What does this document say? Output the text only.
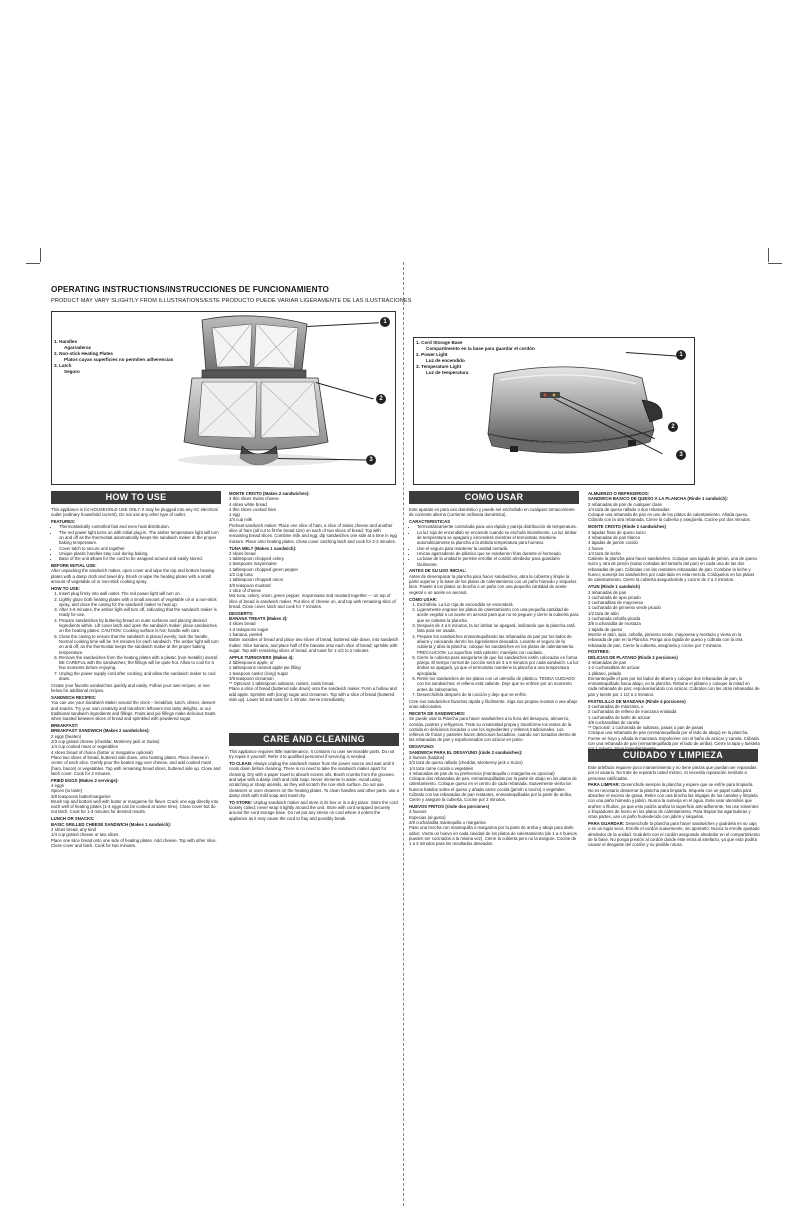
OPERATING INSTRUCTIONS/INSTRUCCIONES DE FUNCIONAMIENTO
PRODUCT MAY VARY SLIGHTLY FROM ILLUSTRATIONS/ESTE PRODUCTO PUEDE VARIAR LIGERAMENTE DE LAS ILUSTRACIONES
1. Handles
Agarraderas
2. Non-stick Heating Plates
Platos cuyas superficies no permiten adherencias
3. Latch
Seguro
1
2
3
1. Cord Storage Base
Compartimento en la base para guardar el cordón
2. Power Light
Luz de encendido
3. Temperature Light
Luz de temperatura
1
2
3
HOW TO USE
CARE AND CLEANING
COMO USAR
CUIDADO Y LIMPIEZA

This appliance is for HOUSEHOLD USE ONLY. It may be plugged into any AC electrical outlet (ordinary household current). Do not use any other type of outlet.

FEATURES:

• Thermostatically controlled fast and even heat distribution.
• The red power light turns on with initial plug-in. The amber temperature light will turn on and off as the thermostat automatically keeps the sandwich maker at the proper baking temperature.
• Cover latch to secure unit together.
• Unique plastic handles stay cool during baking.
• Base of the unit allows for the cord to be wrapped around and easily stored.

BEFORE INITIAL USE:

After unpacking the sandwich maker, open cover and wipe the top and bottom heating plates with a damp cloth and towel dry. Brush or wipe the heating plates with a small amount of vegetable oil or non-stick cooking spray.

HOW TO USE:

1. Insert plug firmly into wall outlet. The red power light will turn on.
2. Lightly glaze both heating plates with a small amount of vegetable oil or a non-stick spray, and close the casing for the sandwich maker to heat up.
3. After 4-6 minutes, the amber light will turn off, indicating that the sandwich maker is ready for use.
4. Prepare sandwiches by buttering bread on outer surfaces and placing desired ingredients within. Lift cover latch and open the sandwich maker, place sandwiches on the heating plates. CAUTION: Cooking surface is hot; handle with care.
5. Close the casing to ensure that the sandwich is placed evenly; lock the handle. Normal cooking time will be 3-6 minutes for each sandwich. The amber light will turn on and off, as the thermostat keeps the sandwich maker at the proper baking temperature.
6. Remove the sandwiches from the heating plates with a plastic (non-metallic) utensil. BE CAREFUL with the sandwiches; the fillings will be quite hot. Allow to cool for a few moments before enjoying.
7. Unplug the power supply cord after cooking, and allow the sandwich maker to cool down.

Create your favorite sandwiches quickly and easily. Follow your own recipes, or see below for additional recipes.

SANDWICH RECIPES:

You can use your Sandwich Maker around the clock – breakfast, lunch, dinner, dessert and snacks. Try your own creativity and transform leftovers into tasty delights, or our traditional sandwich ingredients and fillings. Fruits and pie fillings make delicious treats when toasted between slices of bread and sprinkled with powdered sugar.

BREAKFAST:

BREAKFAST SANDWICH (Makes 2 sandwiches):

2 eggs (beaten)

2/3 cup grated cheese (cheddar, Monterey jack or Swiss)

1/4 cup cooked meat or vegetables

4 slices bread of choice (butter or margarine optional)

Place two slices of bread, buttered side down, onto heating plates. Place cheese in center of each slice. Gently pour the beaten egg over cheese, and add cooked meat (ham, bacon) or vegetables. Top with remaining bread slices, buttered side up. Close and latch cover. Cook for 2 minutes.

FRIED EGGS (Makes 2 servings):

4 eggs

Spices (to taste)

3/8 teaspoons butter/margarine

Brush top and bottom well with butter or margarine for flavor. Crack one egg directly into each well of heating plates (1-4 eggs can be cooked at same time). Close cover but do not latch. Cook for 1-3 minutes for desired results.

LUNCH OR SNACKS:

BASIC GRILLED CHEESE SANDWICH (Makes 1 sandwich):

2 slices bread, any kind

1/4 cup grated cheese or two slices

Place one slice bread onto one side of heating plates. Add cheese. Top with other slice. Close cover and latch. Cook for two minutes.

MONTE CRISTO (Makes 2 sandwiches):

2 thin slices Swiss cheese

4 slices white bread

4 thin slices cooked ham

1 egg

1/4 cup milk

Preheat sandwich maker. Place one slice of ham, a slice of Swiss cheese and another slice of ham (all cut to fit the bread size) on each of two slices of bread. Top with remaining bread slices. Combine milk and egg; dip sandwiches one side at a time in egg mixture. Place onto heating plates. Close cover catching latch and cook for 2-3 minutes.

TUNA MELT (Makes 1 sandwich):

2 slices bread

1 tablespoon chopped celery

2 teaspoons mayonnaise

1 tablespoon chopped green pepper

1/2 cup tuna

1 tablespoon chopped onion

3/8 teaspoon mustard

1 slice of cheese

Mix tuna, celery, onion, green pepper, mayonnaise and mustard together — on top of slice of bread in sandwich maker. Put slice of cheese on, and top with remaining slice of bread. Close cover, latch and cook for 7 minutes.

DESSERTS:

BANANA TREATS (Makes 2):

4 slices bread

1-2 teaspoons sugar

1 banana, peeled

Butter outsides of bread and place two slices of bread, buttered side down, into sandwich maker. Slice banana, and place half of the banana onto each slice of bread; sprinkle with sugar. Top with remaining slices of bread, and toast for 1-1/2 to 2 minutes.

APPLE TURNOVERS (Makes 4):

2 tablespoons apple, or

2 tablespoons canned apple pie filling

1 teaspoon castor (icing) sugar

3/8 teaspoon cinnamon

** Optional: 1 tablespoon sultanas, raisins, raisin bread.

Place a slice of bread (buttered side down) onto the sandwich maker. Form a hollow and add apple. Sprinkle with (icing) sugar and cinnamon. Top with a slice of bread (buttered side up). Lower lid and toast for 1 minute. Serve immediately.

This appliance requires little maintenance. It contains no user serviceable parts. Do not try repair it yourself. Refer it to qualified personnel if servicing is needed.

TO CLEAN: Always unplug the sandwich maker from the power source and wait until it cools down before cleaning. There is no need to take the sandwich maker apart for cleaning. Dry with a paper towel to absorb excess oils. Brush crumbs from the grooves, and wipe with a damp cloth and mild soap. Never immerse in water. Avoid using scratching or sharp utensils, as they will scratch the non-stick surface. Do not use cleansers or oven cleaners on the heating plates. To clean handles and other parts, use a damp cloth with mild soap and towel dry.

TO STORE: Unplug sandwich maker and store in its box or in a dry place. Store the cord loosely coiled; never wrap it tightly around the unit. Store with cord wrapped securely around the cord storage base. Do not put any stress on cord where it enters the appliance as it may cause the cord to fray and possibly break.

Este aparato es para uso doméstico y puede ser enchufado en cualquier tomacorriente de corriente alterna (corriente ordinaria doméstica).

CARACTERISTICAS

• Termostáticamente controlada para una rápida y pareja distribución de temperatura.
• La luz roja de encendido se enciende cuando se enchufa inicialmente. La luz ámbar de temperatura se apagará y encenderá mientras el termostato mantiene automáticamente la plancha a la debida temperatura para hornear.
• Use el seguro para mantener la unidad cerrada.
• Unicas agarraderas de plástico que se mantienen frías durante el horneado.
• La base de la unidad le permite enrollar el cordón alrededor para guardarlo fácilmente.

ANTES DE SU USO INICIAL:

Antes de desempacar la plancha para hacer sandwiches, abra la cubierta y limpie la parte superior y la base de los platos de calentamiento con un paño húmedo y séquelos bien. Pasele a los platos un brocha o un paño con una pequeña cantidad de aceite vegetal o un aceite en aerosol.

COMO USAR:

1. Enchúfela. La luz roja de encendido se encenderá.
2. Ligeramente engrase los platos de calentamiento con una pequeña cantidad de aceite vegetal o un aceite en aerosol para que no se peguen y cierre la cubierta para que se caliente la plancha.
3. Después de 4 a 6 minutos, la luz ámbar se apagará, indicando que la plancha está lista para ser usada.
4. Prepare los sandwiches enmantequillando las rebanadas de pan por los lados de afuera y colocando dentro los ingredientes deseados. Levante el seguro de la cubierta y abra la plancha; coloque los sandwiches en los platos de calentamiento. PRECAUCION: La superficie está caliente; manéjela con cuidado.
5. Cierre la cubierta para asegurarse de que los sandwiches estén colocados en forma pareja. El tiempo normal de cocción será de 3 a 6 minutos por cada sandwich. La luz ámbar se apagará, ya que el termostato mantiene la plancha a una temperatura apropiada.
6. Retire los sandwiches de los platos con un utensilio de plástico. TENGA CUIDADO con los sandwiches; el relleno está caliente. Deje que se enfríen por un momento antes de saborearlos.
7. Desenchúfela después de la cocción y deje que se enfríe.

Cree sus sandwiches favoritos rápida y fácilmente. Siga sus propias recetas o vea abajo unas adicionales.

RECETA DE SANDWICHES:

Se puede usar la Plancha para hacer sandwiches a la hora del desayuno, almuerzo, comida, postres y refrigerios. Trate su creatividad propia y transforme los restos de la comida en deliciosos bocados o use los ingredientes y rellenos tradicionales. Los rellenos de frutas y pasteles hacen deliciosos bocaditos, cuando son tostados dentro de las rebanadas de pan y espolvoreados con azúcar en polvo.

DESAYUNO:

SANDWICH PARA EL DESAYUNO (rinde 2 sandwiches):

2 huevos (batidos)

2/3 taza de queso rallado (cheddar, Monterrey jack o Suizo)

1/4 taza carne cocida o vegetales

4 rebanadas de pan de su preferencia (mantequilla o margarina es opcional)

Coloque dos rebanadas de pan, enmantequilladas por la parte de abajo en los platos de calentamiento. Coloque queso en el centro de cada rebanada. Suavemente vierta los huevos batidos sobre el queso y añada carne cocida (jamón o tocino) o vegetales. Cúbralo con las rebanadas de pan restantes, enmantequilladas por la parte de arriba. Cierre y asegure la cubierta. Cocine por 2 minutos.

HUEVOS FRITOS (rinde dos porciones)

4 huevos

Especias (al gusto)

3/8 cucharadita mantequilla o margarina

Pase una brocha con mantequilla o margarina por la parte de arriba y abajo para darle sabor. Vierta un huevo en cada cavidad de los platos de calentamiento (de 1 a 4 huevos pueden ser cocinados a la misma vez). Cierre la cubierta pero no la asegure. Cocine de 1 a 3 minutos para los resultados deseados.

ALMUERZO O REFRIGERIOS:

SANDWICH BASICO DE QUESO A LA PLANCHA (Rinde 1 sandwich):

2 rebanadas de pan de cualquier clase

1/4 taza de queso rallado o dos rebanadas

Coloque una rebanada de pan en uno de los platos de calentamiento. Añada queso. Cúbralo con la otra rebanada. Cierre la cubierta y asegúrela. Cocine por dos minutos.

MONTE CRISTO (Rinde 2 sandwiches)

2 tajadas finas de queso suizo

4 rebanadas de pan blanco

4 tajadas de jamón cocido

1 huevo

1/4 taza de leche

Caliente la plancha para hacer sandwiches. Coloque una tajada de jamón, una de queso suizo y otra de jamón (todas cortadas del tamaño del pan) en cada una de las dos rebanadas de pan. Cúbralas con las restantes rebanadas de pan. Combine la leche y huevo; sumerja los sandwiches por cada lado en esta mezcla. Colóquelos en los platos de calentamiento. Cierre la cubierta asegurándola y cocine de 2 a 3 minutos.

ATUN (Rinde 1 sandwich)

2 rebanadas de pan

1 cucharada de apio picado

2 cucharaditas de mayonesa

1 cucharada de pimiento verde picado

1/2 taza de atún

1 cucharada cebolla picada

3/8 cucharadita de mostaza

1 tajada de queso

Mezcle el atún, apio, cebolla, pimiento verde, mayonesa y mostaza y vierta en la rebanada de pan en la Plancha. Ponga una tajada de queso y cúbrala con la otra rebanada de pan. Cierre la cubierta, asegúrela y cocine por 7 minutos.

POSTRES:

DELICIAS DE PLATANO (Rinde 2 porciones)

4 rebanadas de pan

1-2 cucharaditas de azúcar

1 plátano, pelado

Enmantequille el pan por los lados de afuera y coloque dos rebanadas de pan, lo enmantequillado hacia abajo, en la plancha. Rebane el plátano y coloque la mitad en cada rebanada de pan; espolvoréandolo con azúcar. Cúbralos con las otras rebanadas de pan y tueste por 1 1/2 a 2 minutos.

PASTELILLO DE MANZANA (Rinde 4 porciones)

2 cucharadas de manzana, o

2 cucharadas de relleno de manzana enlatada

1 cucharadita de baño de azúcar

3/8 cucharaditas de canela

** Opcional: 1 cucharada de sultanas, pasas o pan de pasas

Coloque una rebanada de pan (enmantequillada por el lado de abajo) en la plancha. Forme un hoyo y añada la manzana. Espolvoree con el baño de azúcar y canela. Cúbrala con una rebanada de pan (enmantequillada por el lado de arriba). Cierre la tapa y tuéstela por 1 minuto. Sirva inmediatamente.

Este artefacto requiere poco mantenimiento y no tiene piezas que puedan ser reparadas por el usuario. No trate de repararlo usted mismo. Si necesita reparación remítalo a personas calificadas.

PARA LIMPIAR: Desenchufe siempre la plancha y espere que se enfríe para limpiarla. No es necesario desarmar la plancha para limpiarla. Séquela con un papel toalla para absorber el exceso de grasa. Retire con una brocha las migajas de los canales y límpiela con una paño húmedo y jabón. Nunca la sumerja en el agua. Evite usar utensilios que arañen o filudos, ya que esto podría arañar la superficie anti-adherente. No use solventes o limpiadores de horno en los platos de calentamiento. Para limpiar las agarraderas y otras partes, use un paño humedecido con jabón y séquelas.

PARA GUARDAR: Desenchufe la plancha para hacer sandwiches y guárdela en su caja o en un lugar seco. Enrolle el cordón suavemente, sin apretarlo. Nunca lo enrolle ajustado alrededor de la unidad. Guárdelo con el cordón asegurado alrededor en el compartimiento de la base. No ponga presión al cordón donde éste entra al artefacto, ya que esto podría causar el desgaste del cordón y su posible rotura.
